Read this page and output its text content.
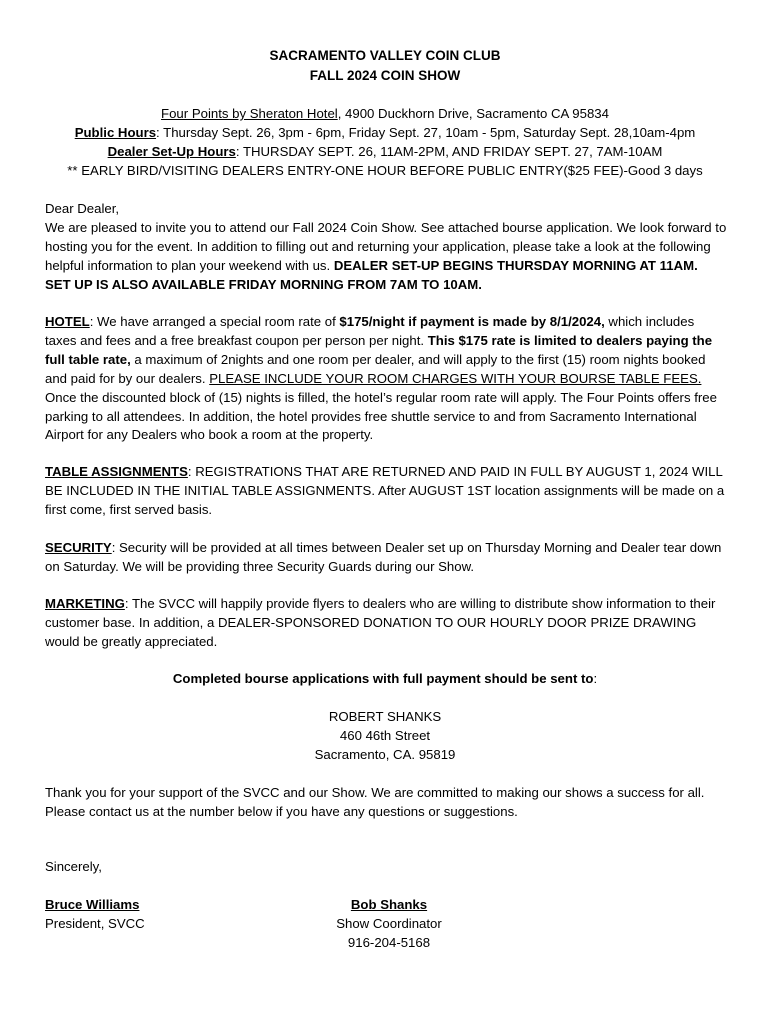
SACRAMENTO VALLEY COIN CLUB
FALL 2024 COIN SHOW
Four Points by Sheraton Hotel, 4900 Duckhorn Drive, Sacramento CA 95834
Public Hours: Thursday Sept. 26, 3pm - 6pm, Friday Sept. 27, 10am - 5pm, Saturday Sept. 28,10am-4pm
Dealer Set-Up Hours: THURSDAY SEPT. 26, 11AM-2PM, AND FRIDAY SEPT. 27, 7AM-10AM
** EARLY BIRD/VISITING DEALERS ENTRY-ONE HOUR BEFORE PUBLIC ENTRY($25 FEE)-Good 3 days
Dear Dealer,
We are pleased to invite you to attend our Fall 2024 Coin Show. See attached bourse application. We look forward to hosting you for the event. In addition to filling out and returning your application, please take a look at the following helpful information to plan your weekend with us. DEALER SET-UP BEGINS THURSDAY MORNING AT 11AM. SET UP IS ALSO AVAILABLE FRIDAY MORNING FROM 7AM TO 10AM.
HOTEL: We have arranged a special room rate of $175/night if payment is made by 8/1/2024, which includes taxes and fees and a free breakfast coupon per person per night. This $175 rate is limited to dealers paying the full table rate, a maximum of 2nights and one room per dealer, and will apply to the first (15) room nights booked and paid for by our dealers. PLEASE INCLUDE YOUR ROOM CHARGES WITH YOUR BOURSE TABLE FEES. Once the discounted block of (15) nights is filled, the hotel’s regular room rate will apply. The Four Points offers free parking to all attendees. In addition, the hotel provides free shuttle service to and from Sacramento International Airport for any Dealers who book a room at the property.
TABLE ASSIGNMENTS: REGISTRATIONS THAT ARE RETURNED AND PAID IN FULL BY AUGUST 1, 2024 WILL BE INCLUDED IN THE INITIAL TABLE ASSIGNMENTS. After AUGUST 1ST location assignments will be made on a first come, first served basis.
SECURITY: Security will be provided at all times between Dealer set up on Thursday Morning and Dealer tear down on Saturday. We will be providing three Security Guards during our Show.
MARKETING: The SVCC will happily provide flyers to dealers who are willing to distribute show information to their customer base. In addition, a DEALER-SPONSORED DONATION TO OUR HOURLY DOOR PRIZE DRAWING would be greatly appreciated.
Completed bourse applications with full payment should be sent to:
ROBERT SHANKS
460 46th Street
Sacramento, CA. 95819
Thank you for your support of the SVCC and our Show. We are committed to making our shows a success for all. Please contact us at the number below if you have any questions or suggestions.
Sincerely,
Bruce Williams
President, SVCC
Bob Shanks
Show Coordinator
916-204-5168
